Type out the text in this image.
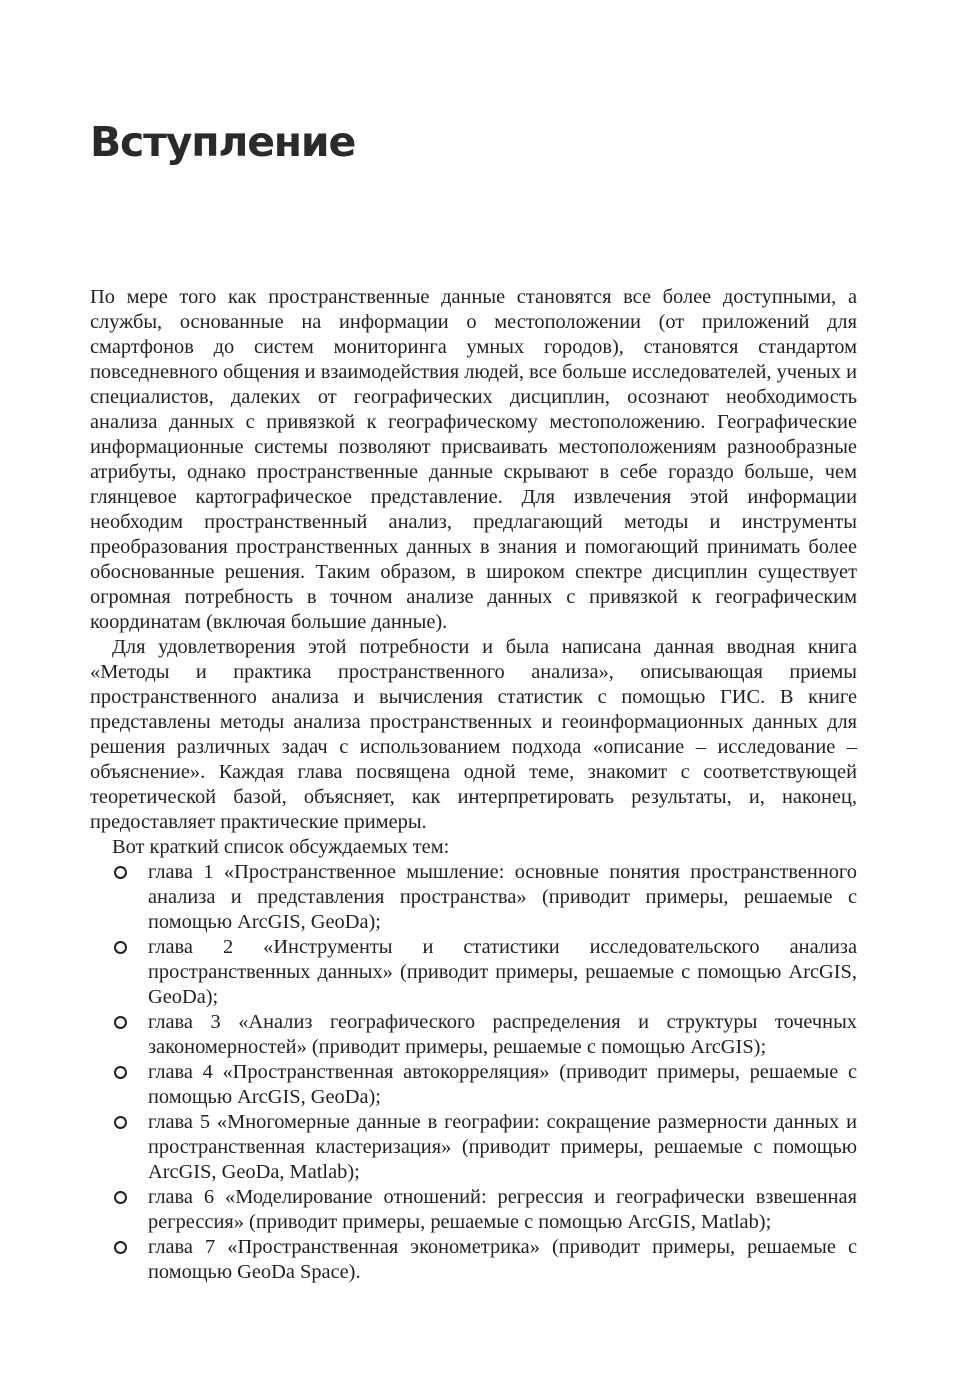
Вступление

По мере того как пространственные данные становятся все более доступными, а службы, основанные на информации о местоположении (от приложений для смартфонов до систем мониторинга умных городов), становятся стандартом повседневного общения и взаимодействия людей, все больше исследователей, ученых и специалистов, далеких от географических дисциплин, осознают необходимость анализа данных с привязкой к географическому местоположению. Географические информационные системы позволяют присваивать местоположениям разнообразные атрибуты, однако пространственные данные скрывают в себе гораздо больше, чем глянцевое картографическое представление. Для извлечения этой информации необходим пространственный анализ, предлагающий методы и инструменты преобразования пространственных данных в знания и помогающий принимать более обоснованные решения. Таким образом, в широком спектре дисциплин существует огромная потребность в точном анализе данных с привязкой к географическим координатам (включая большие данные).

Для удовлетворения этой потребности и была написана данная вводная книга «Методы и практика пространственного анализа», описывающая приемы пространственного анализа и вычисления статистик с помощью ГИС. В книге представлены методы анализа пространственных и геоинформационных данных для решения различных задач с использованием подхода «описание – исследование – объяснение». Каждая глава посвящена одной теме, знакомит с соответствующей теоретической базой, объясняет, как интерпретировать результаты, и, наконец, предоставляет практические примеры.

Вот краткий список обсуждаемых тем:

глава 1 «Пространственное мышление: основные понятия пространственного анализа и представления пространства» (приводит примеры, решаемые с помощью ArcGIS, GeoDa);
глава 2 «Инструменты и статистики исследовательского анализа пространственных данных» (приводит примеры, решаемые с помощью ArcGIS, GeoDa);
глава 3 «Анализ географического распределения и структуры точечных закономерностей» (приводит примеры, решаемые с помощью ArcGIS);
глава 4 «Пространственная автокорреляция» (приводит примеры, решаемые с помощью ArcGIS, GeoDa);
глава 5 «Многомерные данные в географии: сокращение размерности данных и пространственная кластеризация» (приводит примеры, решаемые с помощью ArcGIS, GeoDa, Matlab);
глава 6 «Моделирование отношений: регрессия и географически взвешенная регрессия» (приводит примеры, решаемые с помощью ArcGIS, Matlab);
глава 7 «Пространственная эконометрика» (приводит примеры, решаемые с помощью GeoDa Space).
